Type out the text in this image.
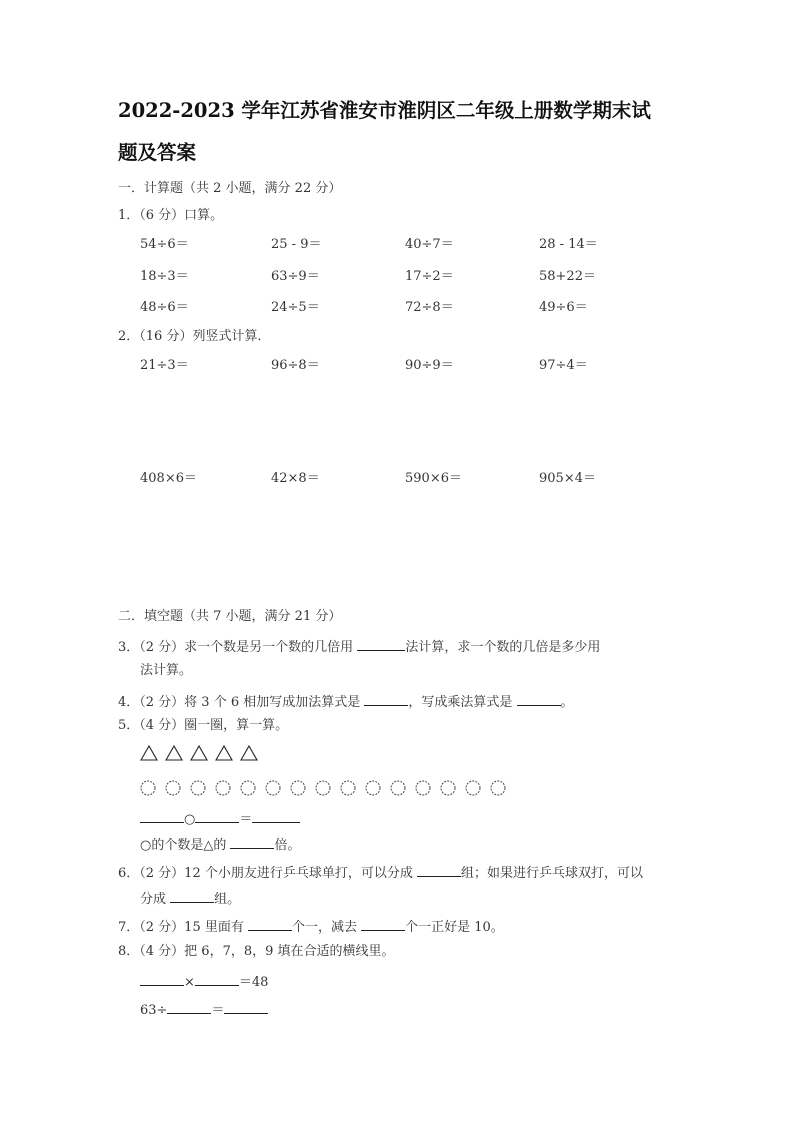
2022-2023 学年江苏省淮安市淮阴区二年级上册数学期末试
题及答案
一．计算题（共 2 小题，满分 22 分）
1．（6 分）口算。
54÷6＝	25 - 9＝	40÷7＝	28 - 14＝
18÷3＝	63÷9＝	17÷2＝	58+22＝
48÷6＝	24÷5＝	72÷8＝	49÷6＝
2．（16 分）列竖式计算．
21÷3＝	96÷8＝	90÷9＝	97÷4＝
408×6＝	42×8＝	590×6＝	905×4＝
二．填空题（共 7 小题，满分 21 分）
3．（2 分）求一个数是另一个数的几倍用	法计算，求一个数的几倍是多少用
法计算。
4．（2 分）将 3 个 6 相加写成加法算式是	，写成乘法算式是	。
5．（4 分）圈一圈，算一算。
○	＝
○的个数是△的	倍。
6．（2 分）12 个小朋友进行乒乓球单打，可以分成	组；如果进行乒乓球双打，可以
分成	组。
7．（2 分）15 里面有	个一，减去	个一正好是 10。
8．（4 分）把 6，7，8，9 填在合适的横线里。
×	＝48
63÷	＝
